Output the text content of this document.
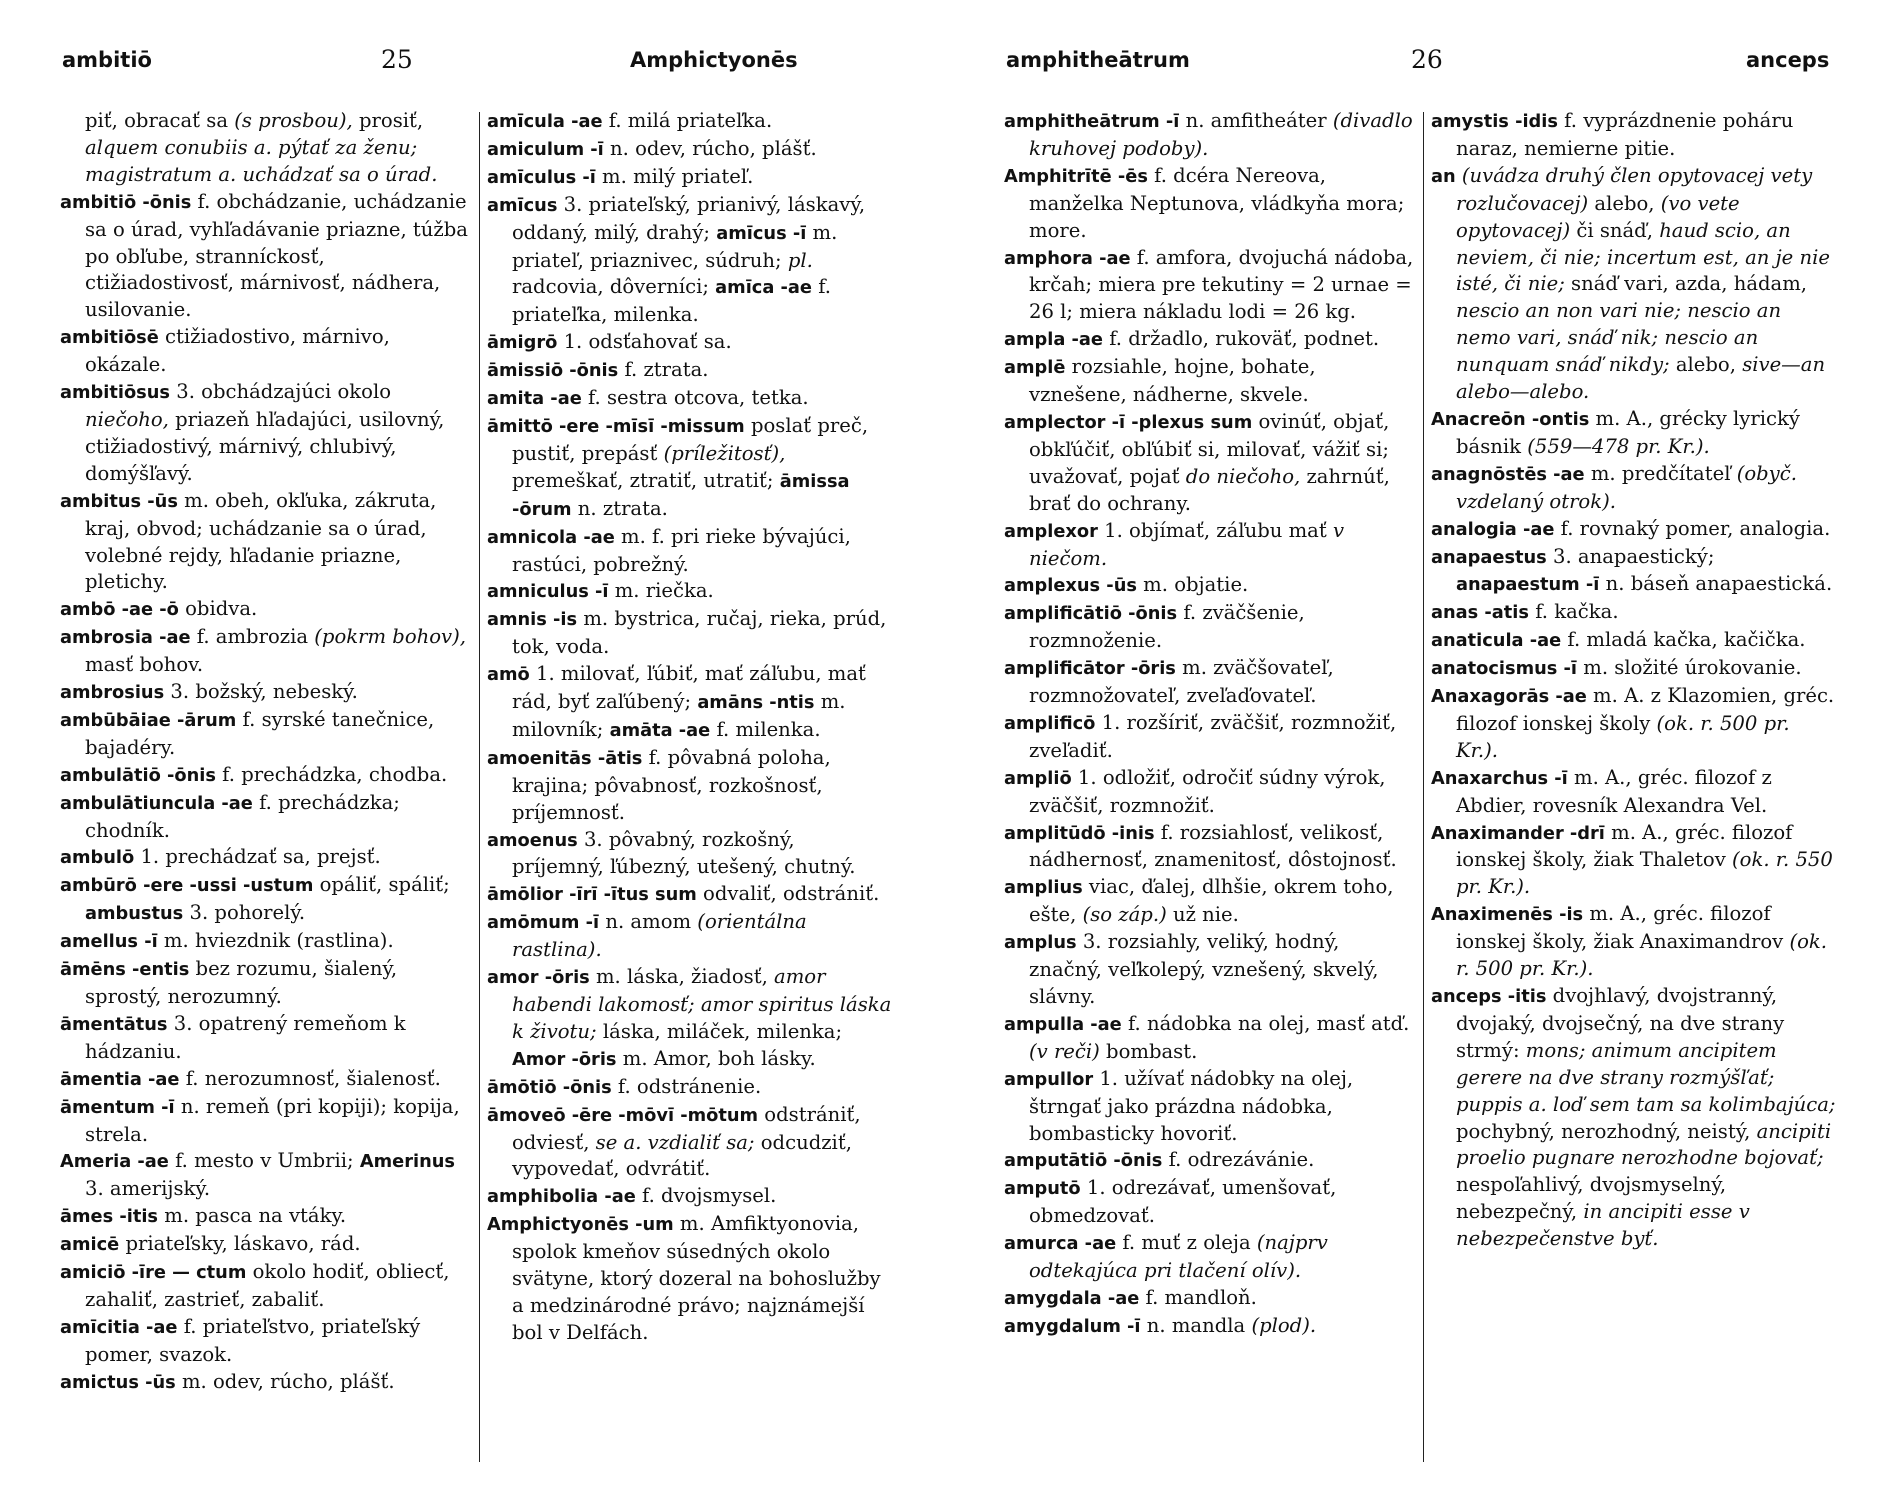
ambitiō	25	Amphictyonēs

piť, obracať sa (s prosbou), prosiť, alquem conubiis a. pýtať za ženu; magistratum a. uchádzať sa o úrad.

ambitiō -ōnis f. obchádzanie, uchádzanie sa o úrad, vyhľadávanie priazne, túžba po obľube, stranníckosť, ctižiadostivosť, márnivosť, nádhera, usilovanie.

ambitiōsē ctižiadostivo, márnivo, okázale.

ambitiōsus 3. obchádzajúci okolo niečoho, priazeň hľadajúci, usilovný, ctižiadostivý, márnivý, chlubivý, domýšľavý.

ambitus -ūs m. obeh, okľuka, zákruta, kraj, obvod; uchádzanie sa o úrad, volebné rejdy, hľadanie priazne, pletichy.

ambō -ae -ō obidva.

ambrosia -ae f. ambrozia (pokrm bohov), masť bohov.

ambrosius 3. božský, nebeský.

ambūbāiae -ārum f. syrské tanečnice, bajadéry.

ambulātiō -ōnis f. prechádzka, chodba.

ambulātiuncula -ae f. prechádzka; chodník.

ambulō 1. prechádzať sa, prejsť.

ambūrō -ere -ussi -ustum opáliť, spáliť; ambustus 3. pohorelý.

amellus -ī m. hviezdnik (rastlina).

āmēns -entis bez rozumu, šialený, sprostý, nerozumný.

āmentātus 3. opatrený remeňom k hádzaniu.

āmentia -ae f. nerozumnosť, šialenosť.

āmentum -ī n. remeň (pri kopiji); kopija, strela.

Ameria -ae f. mesto v Umbrii; Amerinus 3. amerijský.

āmes -itis m. pasca na vtáky.

amicē priateľsky, láskavo, rád.

amiciō -īre — ctum okolo hodiť, obliecť, zahaliť, zastrieť, zabaliť.

amīcitia -ae f. priateľstvo, priateľský pomer, svazok.

amictus -ūs m. odev, rúcho, plášť.

amīcula -ae f. milá priateľka.

amiculum -ī n. odev, rúcho, plášť.

amīculus -ī m. milý priateľ.

amīcus 3. priateľský, prianivý, láskavý, oddaný, milý, drahý; amīcus -ī m. priateľ, priaznivec, súdruh; pl. radcovia, dôverníci; amīca -ae f. priateľka, milenka.

āmigrō 1. odsťahovať sa.

āmissiō -ōnis f. ztrata.

amita -ae f. sestra otcova, tetka.

āmittō -ere -mīsī -missum poslať preč, pustiť, prepásť (príležitosť), premeškať, ztratiť, utratiť; āmissa -ōrum n. ztrata.

amnicola -ae m. f. pri rieke bývajúci, rastúci, pobrežný.

amniculus -ī m. riečka.

amnis -is m. bystrica, ručaj, rieka, prúd, tok, voda.

amō 1. milovať, ľúbiť, mať záľubu, mať rád, byť zaľúbený; amāns -ntis m. milovník; amāta -ae f. milenka.

amoenitās -ātis f. pôvabná poloha, krajina; pôvabnosť, rozkošnosť, príjemnosť.

amoenus 3. pôvabný, rozkošný, príjemný, ľúbezný, utešený, chutný.

āmōlior -īrī -ītus sum odvaliť, odstrániť.

amōmum -ī n. amom (orientálna rastlina).

amor -ōris m. láska, žiadosť, amor habendi lakomosť; amor spiritus láska k životu; láska, miláček, milenka; Amor -ōris m. Amor, boh lásky.

āmōtiō -ōnis f. odstránenie.

āmoveō -ēre -mōvī -mōtum odstrániť, odviesť, se a. vzdialiť sa; odcudziť, vypovedať, odvrátiť.

amphibolia -ae f. dvojsmysel.

Amphictyonēs -um m. Amfiktyonovia, spolok kmeňov súsedných okolo svätyne, ktorý dozeral na bohoslužby a medzinárodné právo; najznámejší bol v Delfách.

amphitheātrum	26	anceps

amphitheātrum -ī n. amfitheáter (divadlo kruhovej podoby).

Amphitrītē -ēs f. dcéra Nereova, manželka Neptunova, vládkyňa mora; more.

amphora -ae f. amfora, dvojuchá nádoba, krčah; miera pre tekutiny = 2 urnae = 26 l; miera nákladu lodi = 26 kg.

ampla -ae f. držadlo, rukoväť, podnet.

amplē rozsiahle, hojne, bohate, vznešene, nádherne, skvele.

amplector -ī -plexus sum ovinúť, objať, obkľúčiť, obľúbiť si, milovať, vážiť si; uvažovať, pojať do niečoho, zahrnúť, brať do ochrany.

amplexor 1. objímať, záľubu mať v niečom.

amplexus -ūs m. objatie.

amplificātiō -ōnis f. zväčšenie, rozmnoženie.

amplificātor -ōris m. zväčšovateľ, rozmnožovateľ, zveľaďovateľ.

amplificō 1. rozšíriť, zväčšiť, rozmnožiť, zveľadiť.

ampliō 1. odložiť, odročiť súdny výrok, zväčšiť, rozmnožiť.

amplitūdō -inis f. rozsiahlosť, velikosť, nádhernosť, znamenitosť, dôstojnosť.

amplius viac, ďalej, dlhšie, okrem toho, ešte, (so záp.) už nie.

amplus 3. rozsiahly, veliký, hodný, značný, veľkolepý, vznešený, skvelý, slávny.

ampulla -ae f. nádobka na olej, masť atď. (v reči) bombast.

ampullor 1. užívať nádobky na olej, štrngať jako prázdna nádobka, bombasticky hovoriť.

amputātiō -ōnis f. odrezávánie.

amputō 1. odrezávať, umenšovať, obmedzovať.

amurca -ae f. muť z oleja (najprv odtekajúca pri tlačení olív).

amygdala -ae f. mandloň.

amygdalum -ī n. mandla (plod).

amystis -idis f. vyprázdnenie poháru naraz, nemierne pitie.

an (uvádza druhý člen opytovacej vety rozlučovacej) alebo, (vo vete opytovacej) či snáď, haud scio, an neviem, či nie; incertum est, an je nie isté, či nie; snáď vari, azda, hádam, nescio an non vari nie; nescio an nemo vari, snáď nik; nescio an nunquam snáď nikdy; alebo, sive—an alebo—alebo.

Anacreōn -ontis m. A., grécky lyrický básnik (559—478 pr. Kr.).

anagnōstēs -ae m. predčítateľ (obyč. vzdelaný otrok).

analogia -ae f. rovnaký pomer, analogia.

anapaestus 3. anapaestický; anapaestum -ī n. báseň anapaestická.

anas -atis f. kačka.

anaticula -ae f. mladá kačka, kačička.

anatocismus -ī m. složité úrokovanie.

Anaxagorās -ae m. A. z Klazomien, gréc. filozof ionskej školy (ok. r. 500 pr. Kr.).

Anaxarchus -ī m. A., gréc. filozof z Abdier, rovesník Alexandra Vel.

Anaximander -drī m. A., gréc. filozof ionskej školy, žiak Thaletov (ok. r. 550 pr. Kr.).

Anaximenēs -is m. A., gréc. filozof ionskej školy, žiak Anaximandrov (ok. r. 500 pr. Kr.).

anceps -itis dvojhlavý, dvojstranný, dvojaký, dvojsečný, na dve strany strmý: mons; animum ancipitem gerere na dve strany rozmýšľať; puppis a. loď sem tam sa kolimbajúca; pochybný, nerozhodný, neistý, ancipiti proelio pugnare nerozhodne bojovať; nespoľahlivý, dvojsmyselný, nebezpečný, in ancipiti esse v nebezpečenstve byť.
